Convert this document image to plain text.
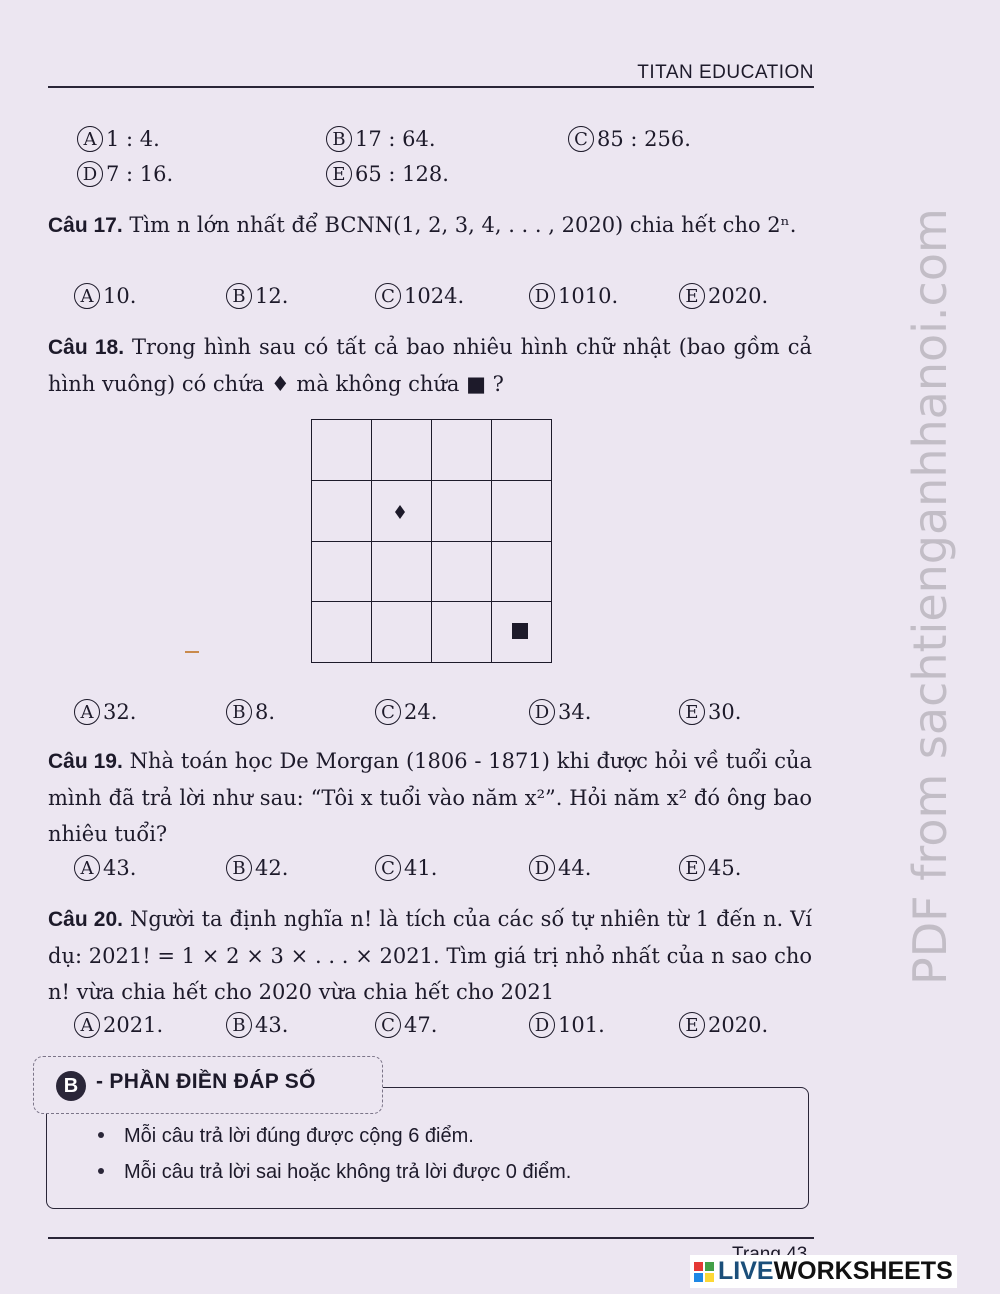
TITAN EDUCATION
A 1 : 4.	B 17 : 64.	C 85 : 256.
D 7 : 16.	E 65 : 128.
Câu 17. Tìm n lớn nhất để BCNN(1, 2, 3, 4, . . . , 2020) chia hết cho 2ⁿ.
A 10.	B 12.	C 1024.	D 1010.	E 2020.
Câu 18. Trong hình sau có tất cả bao nhiêu hình chữ nhật (bao gồm cả hình vuông) có chứa ♦ mà không chứa ■ ?
A 32.	B 8.	C 24.	D 34.	E 30.
Câu 19. Nhà toán học De Morgan (1806 - 1871) khi được hỏi về tuổi của mình đã trả lời như sau: “Tôi x tuổi vào năm x²”. Hỏi năm x² đó ông bao nhiêu tuổi?
A 43.	B 42.	C 41.	D 44.	E 45.
Câu 20. Người ta định nghĩa n! là tích của các số tự nhiên từ 1 đến n. Ví dụ: 2021! = 1 × 2 × 3 × . . . × 2021. Tìm giá trị nhỏ nhất của n sao cho n! vừa chia hết cho 2020 vừa chia hết cho 2021
A 2021.	B 43.	C 47.	D 101.	E 2020.
B - PHẦN ĐIỀN ĐÁP SỐ
Mỗi câu trả lời đúng được cộng 6 điểm.
Mỗi câu trả lời sai hoặc không trả lời được 0 điểm.
PDF from sachtienganhhanoi.com
LIVE WORKSHEETS
